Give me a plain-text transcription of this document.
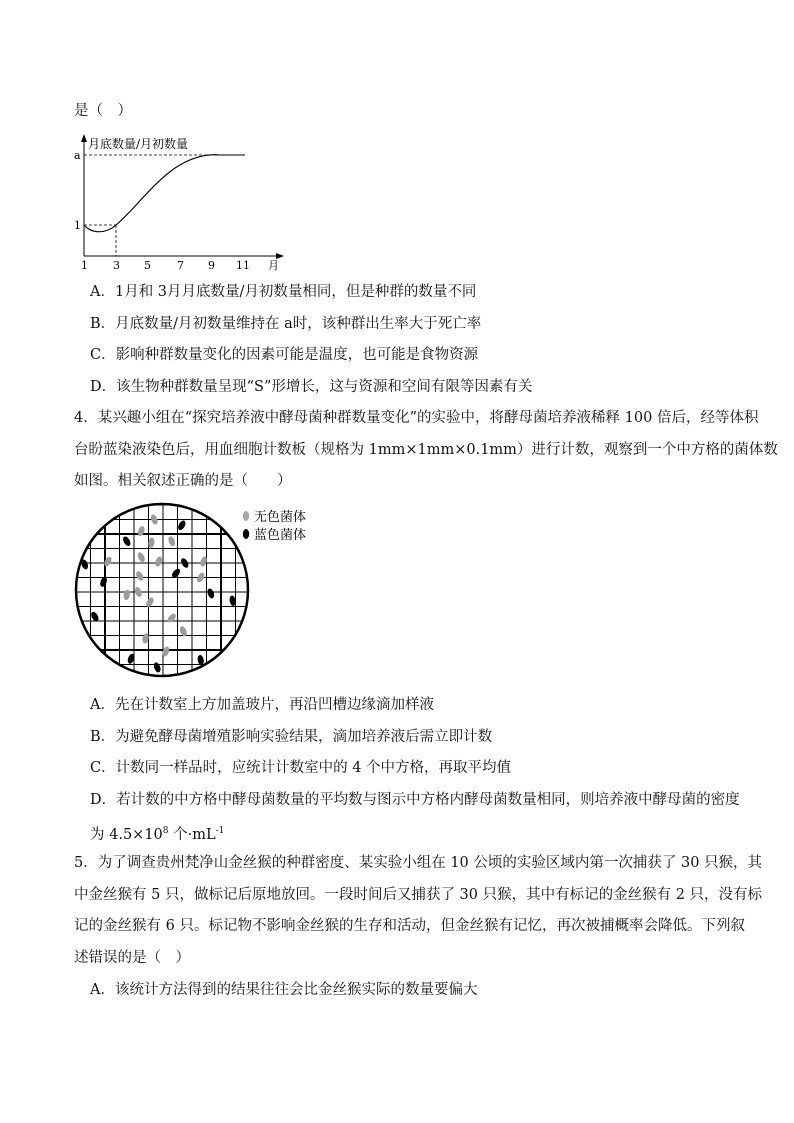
是（　）
月底数量/月初数量
a
1
1 3 5 7 9 11 月
A．1月和 3月月底数量/月初数量相同，但是种群的数量不同
B．月底数量/月初数量维持在 a时，该种群出生率大于死亡率
C．影响种群数量变化的因素可能是温度，也可能是食物资源
D．该生物种群数量呈现“S”形增长，这与资源和空间有限等因素有关
4．某兴趣小组在“探究培养液中酵母菌种群数量变化”的实验中，将酵母菌培养液稀释 100 倍后，经等体积
台盼蓝染液染色后，用血细胞计数板（规格为 1mm×1mm×0.1mm）进行计数，观察到一个中方格的菌体数
如图。相关叙述正确的是（　　）
无色菌体
蓝色菌体
A．先在计数室上方加盖玻片，再沿凹槽边缘滴加样液
B．为避免酵母菌增殖影响实验结果，滴加培养液后需立即计数
C．计数同一样品时，应统计计数室中的 4 个中方格，再取平均值
D．若计数的中方格中酵母菌数量的平均数与图示中方格内酵母菌数量相同，则培养液中酵母菌的密度
为 $4.5\times 10^8$ 个$\cdot mL^{-1}$
5．为了调查贵州梵净山金丝猴的种群密度、某实验小组在 10 公顷的实验区域内第一次捕获了 30 只猴，其
中金丝猴有 5 只，做标记后原地放回。一段时间后又捕获了 30 只猴，其中有标记的金丝猴有 2 只，没有标
记的金丝猴有 6 只。标记物不影响金丝猴的生存和活动，但金丝猴有记忆，再次被捕概率会降低。下列叙
述错误的是（　）
A．该统计方法得到的结果往往会比金丝猴实际的数量要偏大
